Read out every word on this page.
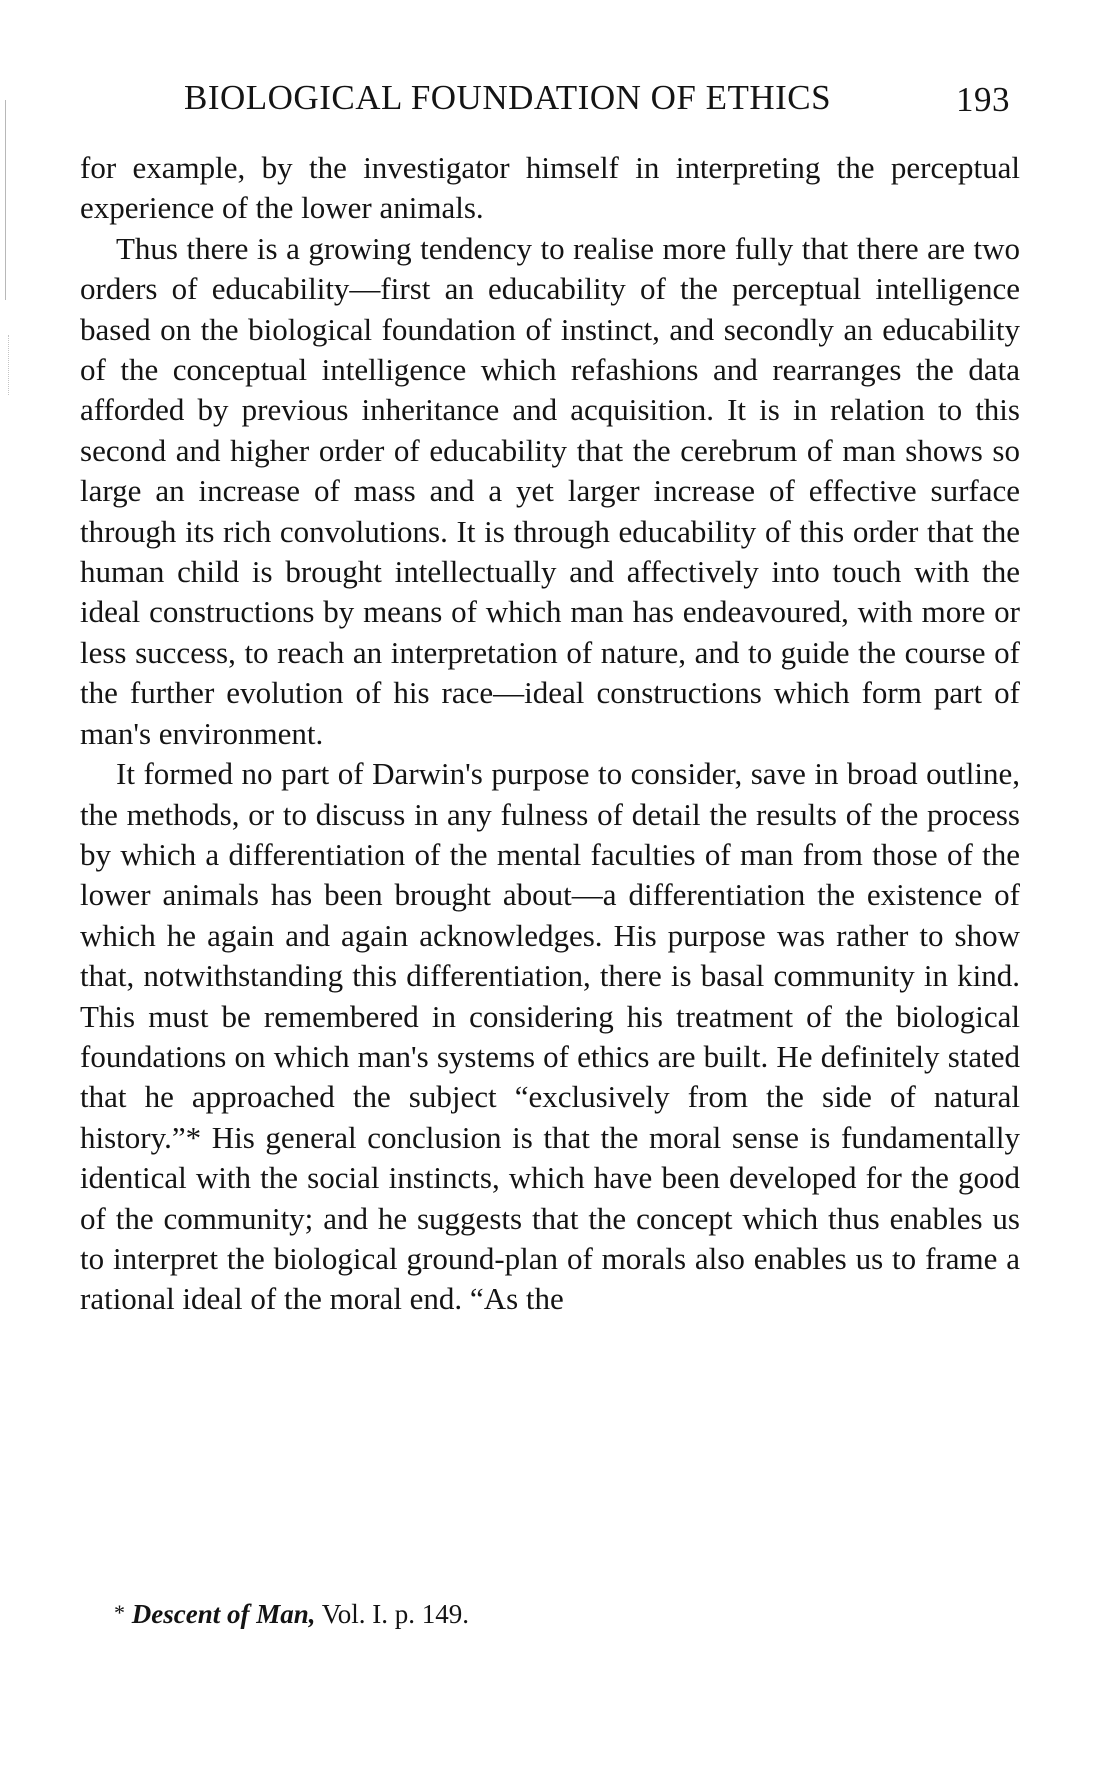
BIOLOGICAL FOUNDATION OF ETHICS	193

for example, by the investigator himself in interpreting the perceptual experience of the lower animals.

Thus there is a growing tendency to realise more fully that there are two orders of educability—first an educability of the perceptual intelligence based on the biological foundation of instinct, and secondly an educability of the conceptual intelligence which refashions and rearranges the data afforded by previous inheritance and acquisition. It is in relation to this second and higher order of educability that the cerebrum of man shows so large an increase of mass and a yet larger increase of effective surface through its rich convolutions. It is through educability of this order that the human child is brought intellectually and affectively into touch with the ideal constructions by means of which man has endeavoured, with more or less success, to reach an interpretation of nature, and to guide the course of the further evolution of his race—ideal constructions which form part of man's environment.

It formed no part of Darwin's purpose to consider, save in broad outline, the methods, or to discuss in any fulness of detail the results of the process by which a differentiation of the mental faculties of man from those of the lower animals has been brought about—a differentiation the existence of which he again and again acknowledges. His purpose was rather to show that, notwithstanding this differentiation, there is basal community in kind. This must be remembered in considering his treatment of the biological foundations on which man's systems of ethics are built. He definitely stated that he approached the subject “exclusively from the side of natural history.”* His general conclusion is that the moral sense is fundamentally identical with the social instincts, which have been developed for the good of the community; and he suggests that the concept which thus enables us to interpret the biological ground-plan of morals also enables us to frame a rational ideal of the moral end. “As the

* Descent of Man, Vol. I. p. 149.
